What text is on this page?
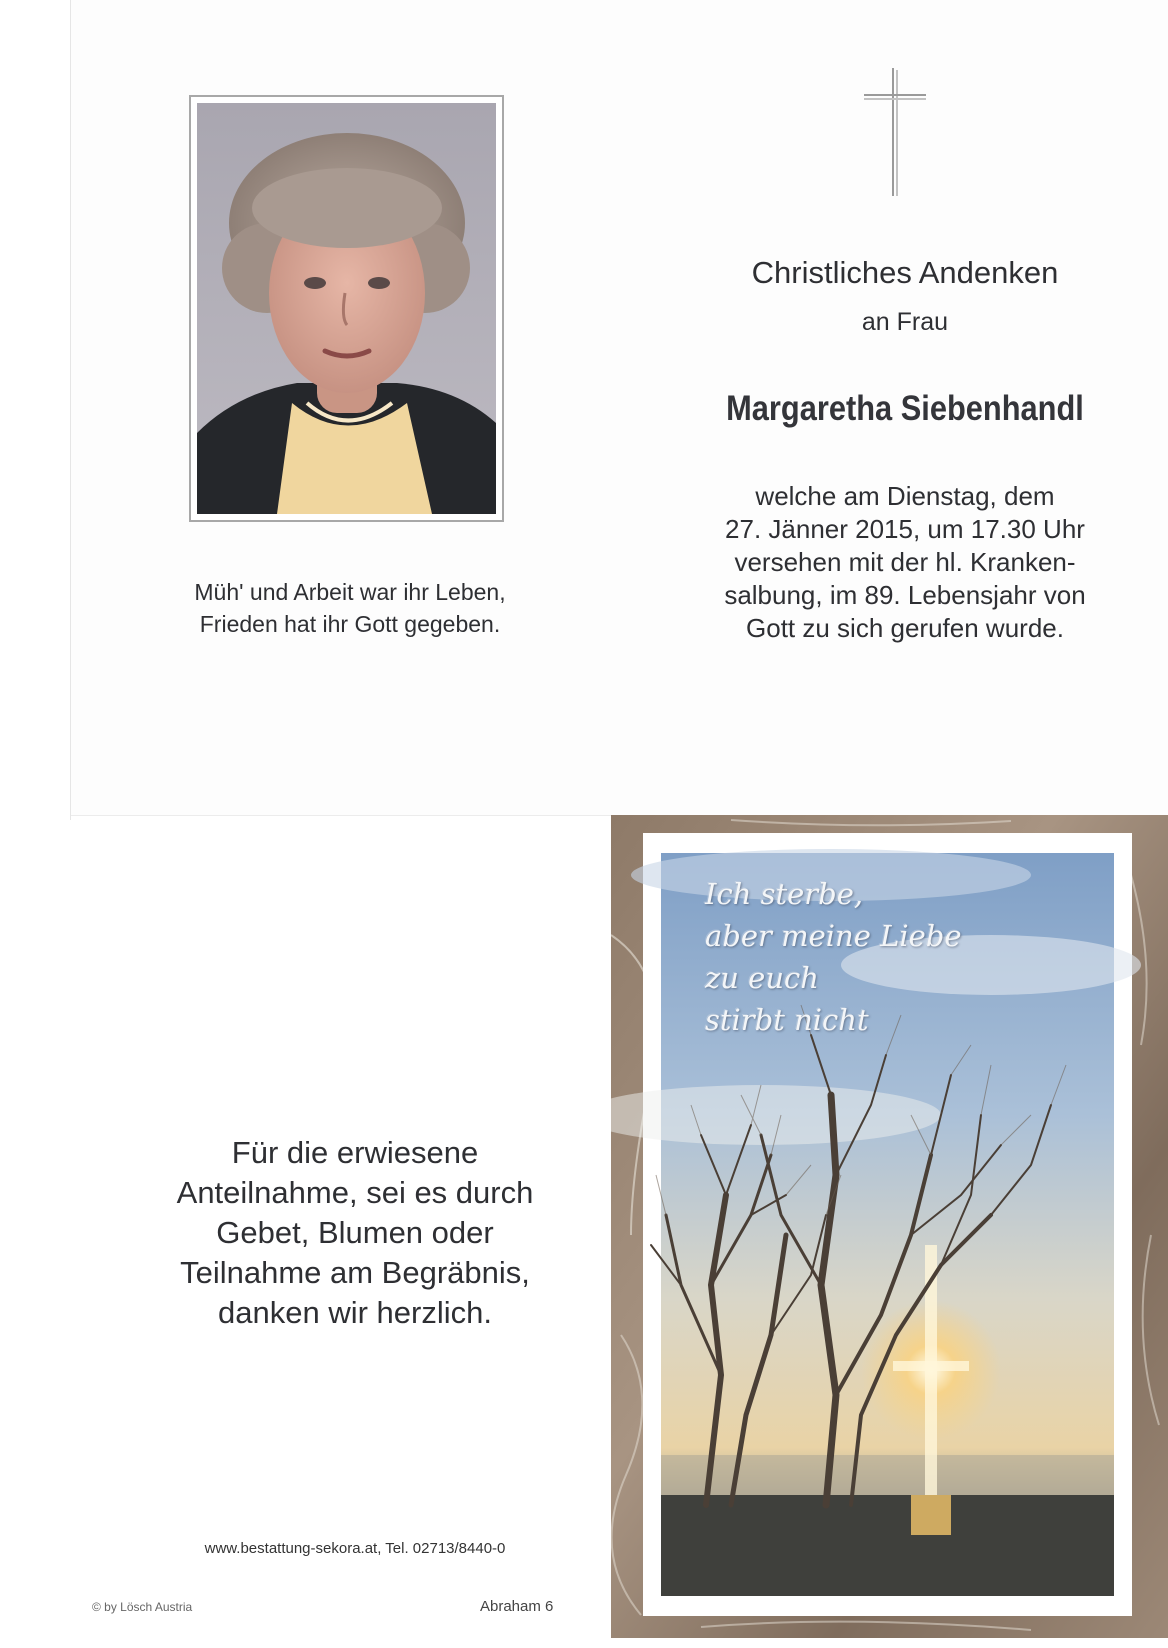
Müh' und Arbeit war ihr Leben,
Frieden hat ihr Gott gegeben.
Christliches Andenken
an Frau
Margaretha Siebenhandl
welche am Dienstag, dem
27. Jänner 2015, um 17.30 Uhr
versehen mit der hl. Kranken-
salbung, im 89. Lebensjahr von
Gott zu sich gerufen wurde.
Für die erwiesene
Anteilnahme, sei es durch
Gebet, Blumen oder
Teilnahme am Begräbnis,
danken wir herzlich.
www.bestattung-sekora.at, Tel. 02713/8440-0
© by Lösch Austria	Abraham 6
Ich sterbe,
aber meine Liebe
zu euch
stirbt nicht
